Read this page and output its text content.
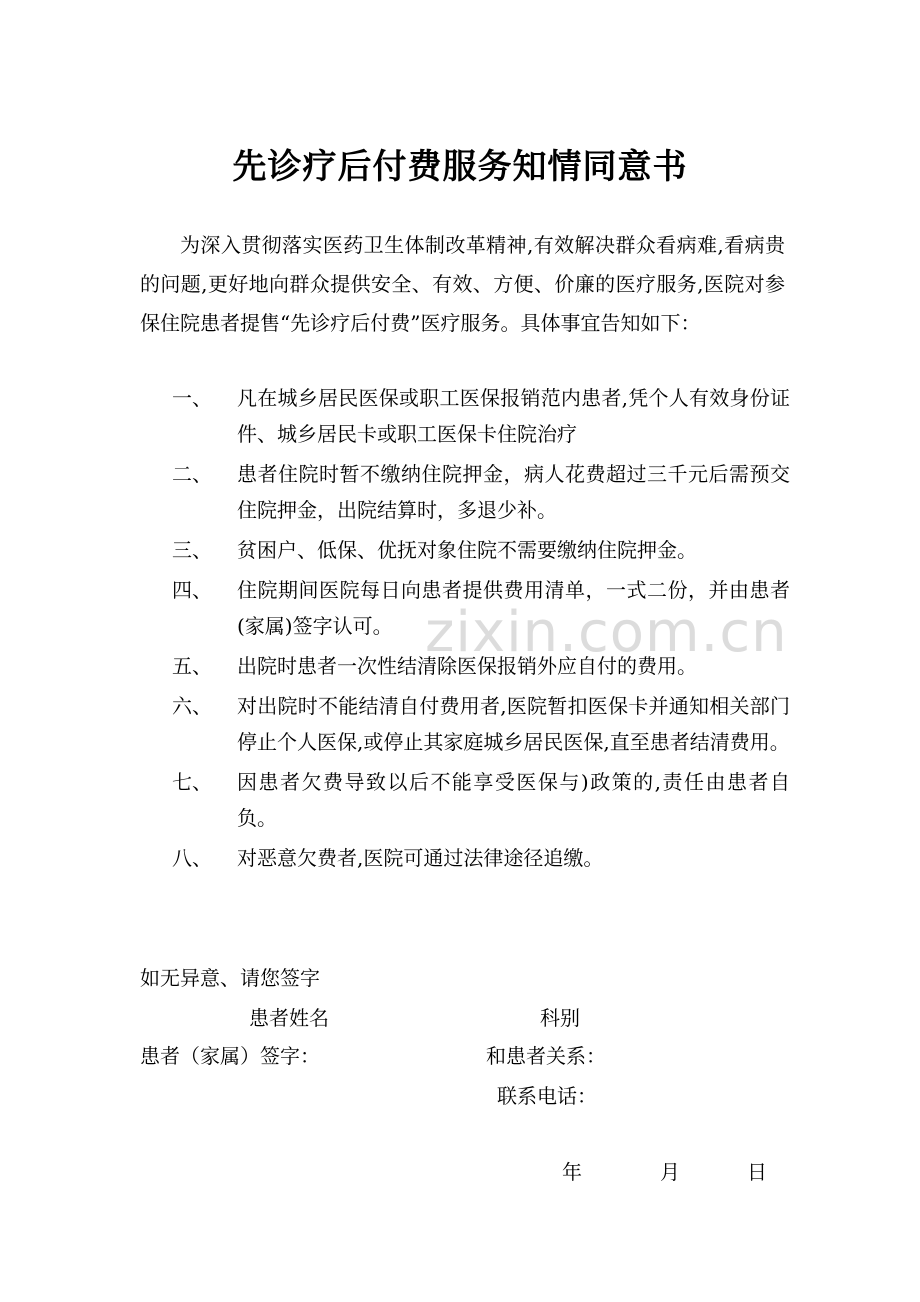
先诊疗后付费服务知情同意书
为深入贯彻落实医药卫生体制改革精神,有效解决群众看病难,看病贵的问题,更好地向群众提供安全、有效、方便、价廉的医疗服务,医院对参保住院患者提售“先诊疗后付费”医疗服务。具体事宜告知如下：
一、	凡在城乡居民医保或职工医保报销范内患者,凭个人有效身份证件、城乡居民卡或职工医保卡住院治疗
二、	患者住院时暂不缴纳住院押金，病人花费超过三千元后需预交住院押金，出院结算时，多退少补。
三、	贫困户、低保、优抚对象住院不需要缴纳住院押金。
四、	住院期间医院每日向患者提供费用清单，一式二份，并由患者(家属)签字认可。
五、	出院时患者一次性结清除医保报销外应自付的费用。
六、	对出院时不能结清自付费用者,医院暂扣医保卡并通知相关部门停止个人医保,或停止其家庭城乡居民医保,直至患者结清费用。
七、	因患者欠费导致以后不能享受医保与)政策的,责任由患者自负。
八、	对恶意欠费者,医院可通过法律途径追缴。
zixin.com.cn
如无异意、请您签字
患者姓名	科别
患者（家属）签字：	和患者关系：
联系电话：
年	月	日
